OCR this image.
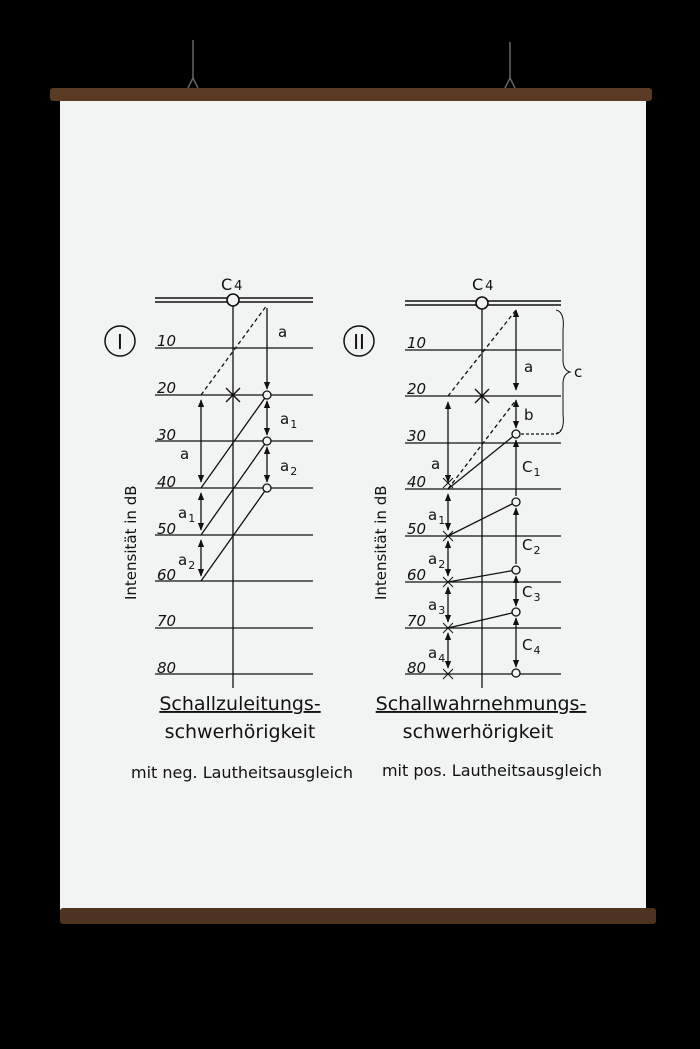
I
C 4
Intensität in dB
10
20
30
40
50
60
70
80
a
$a_1$
$a_2$
a
$a_1$
$a_2$
Schallzuleitungs-
schwerhörigkeit
mit neg. Lautheitsausgleich
II
C 4
Intensität in dB
10
20
30
40
50
60
70
80
a
b
c
$C_1$
$C_2$
$C_3$
$C_4$
a
$a_1$
$a_2$
$a_3$
$a_4$
Schallwahrnehmungs-
schwerhörigkeit
mit pos. Lautheitsausgleich
